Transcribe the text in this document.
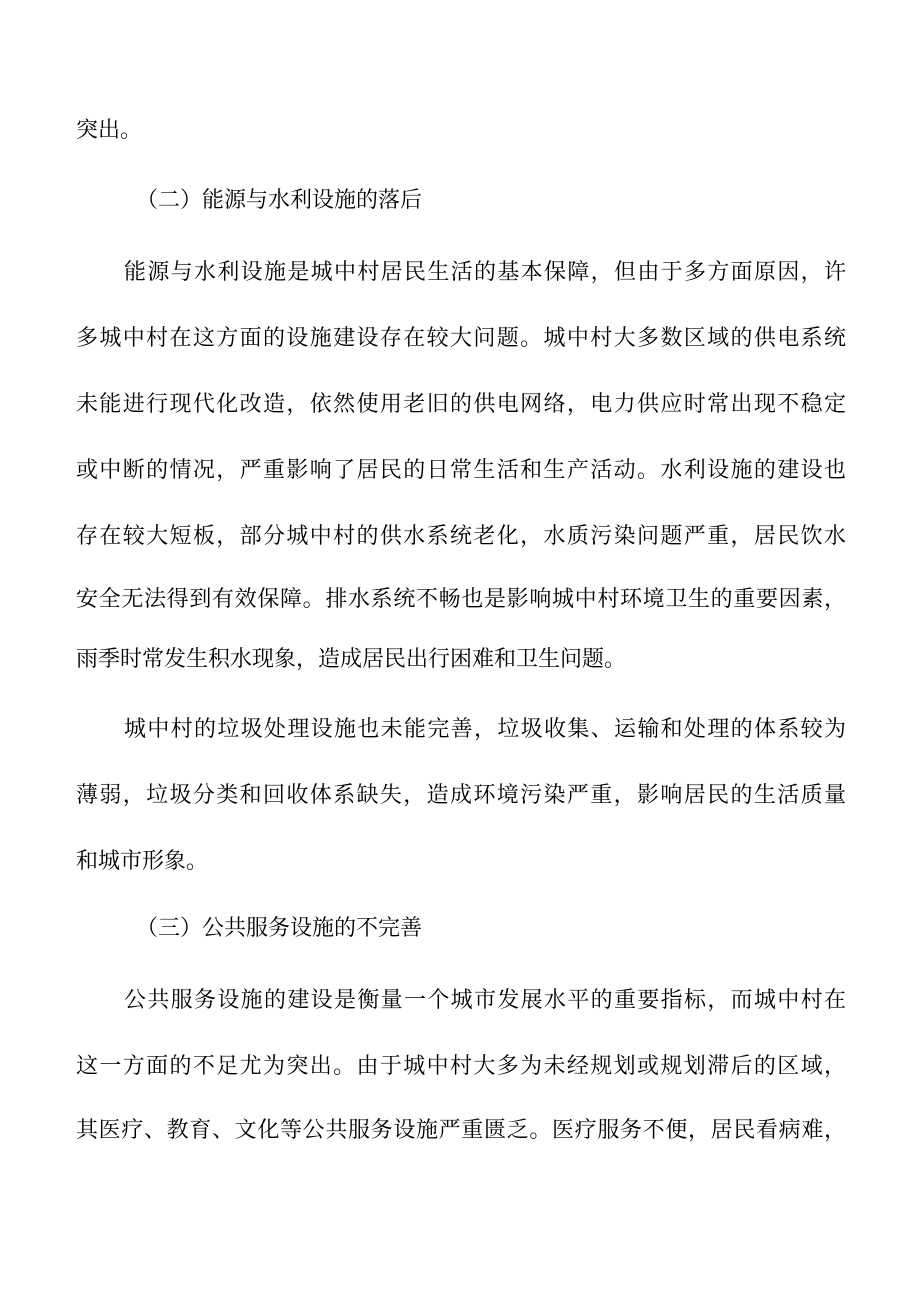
突出。
（二）能源与水利设施的落后
能源与水利设施是城中村居民生活的基本保障，但由于多方面原因，许
多城中村在这方面的设施建设存在较大问题。城中村大多数区域的供电系统
未能进行现代化改造，依然使用老旧的供电网络，电力供应时常出现不稳定
或中断的情况，严重影响了居民的日常生活和生产活动。水利设施的建设也
存在较大短板，部分城中村的供水系统老化，水质污染问题严重，居民饮水
安全无法得到有效保障。排水系统不畅也是影响城中村环境卫生的重要因素，
雨季时常发生积水现象，造成居民出行困难和卫生问题。
城中村的垃圾处理设施也未能完善，垃圾收集、运输和处理的体系较为
薄弱，垃圾分类和回收体系缺失，造成环境污染严重，影响居民的生活质量
和城市形象。
（三）公共服务设施的不完善
公共服务设施的建设是衡量一个城市发展水平的重要指标，而城中村在
这一方面的不足尤为突出。由于城中村大多为未经规划或规划滞后的区域，
其医疗、教育、文化等公共服务设施严重匮乏。医疗服务不便，居民看病难，
